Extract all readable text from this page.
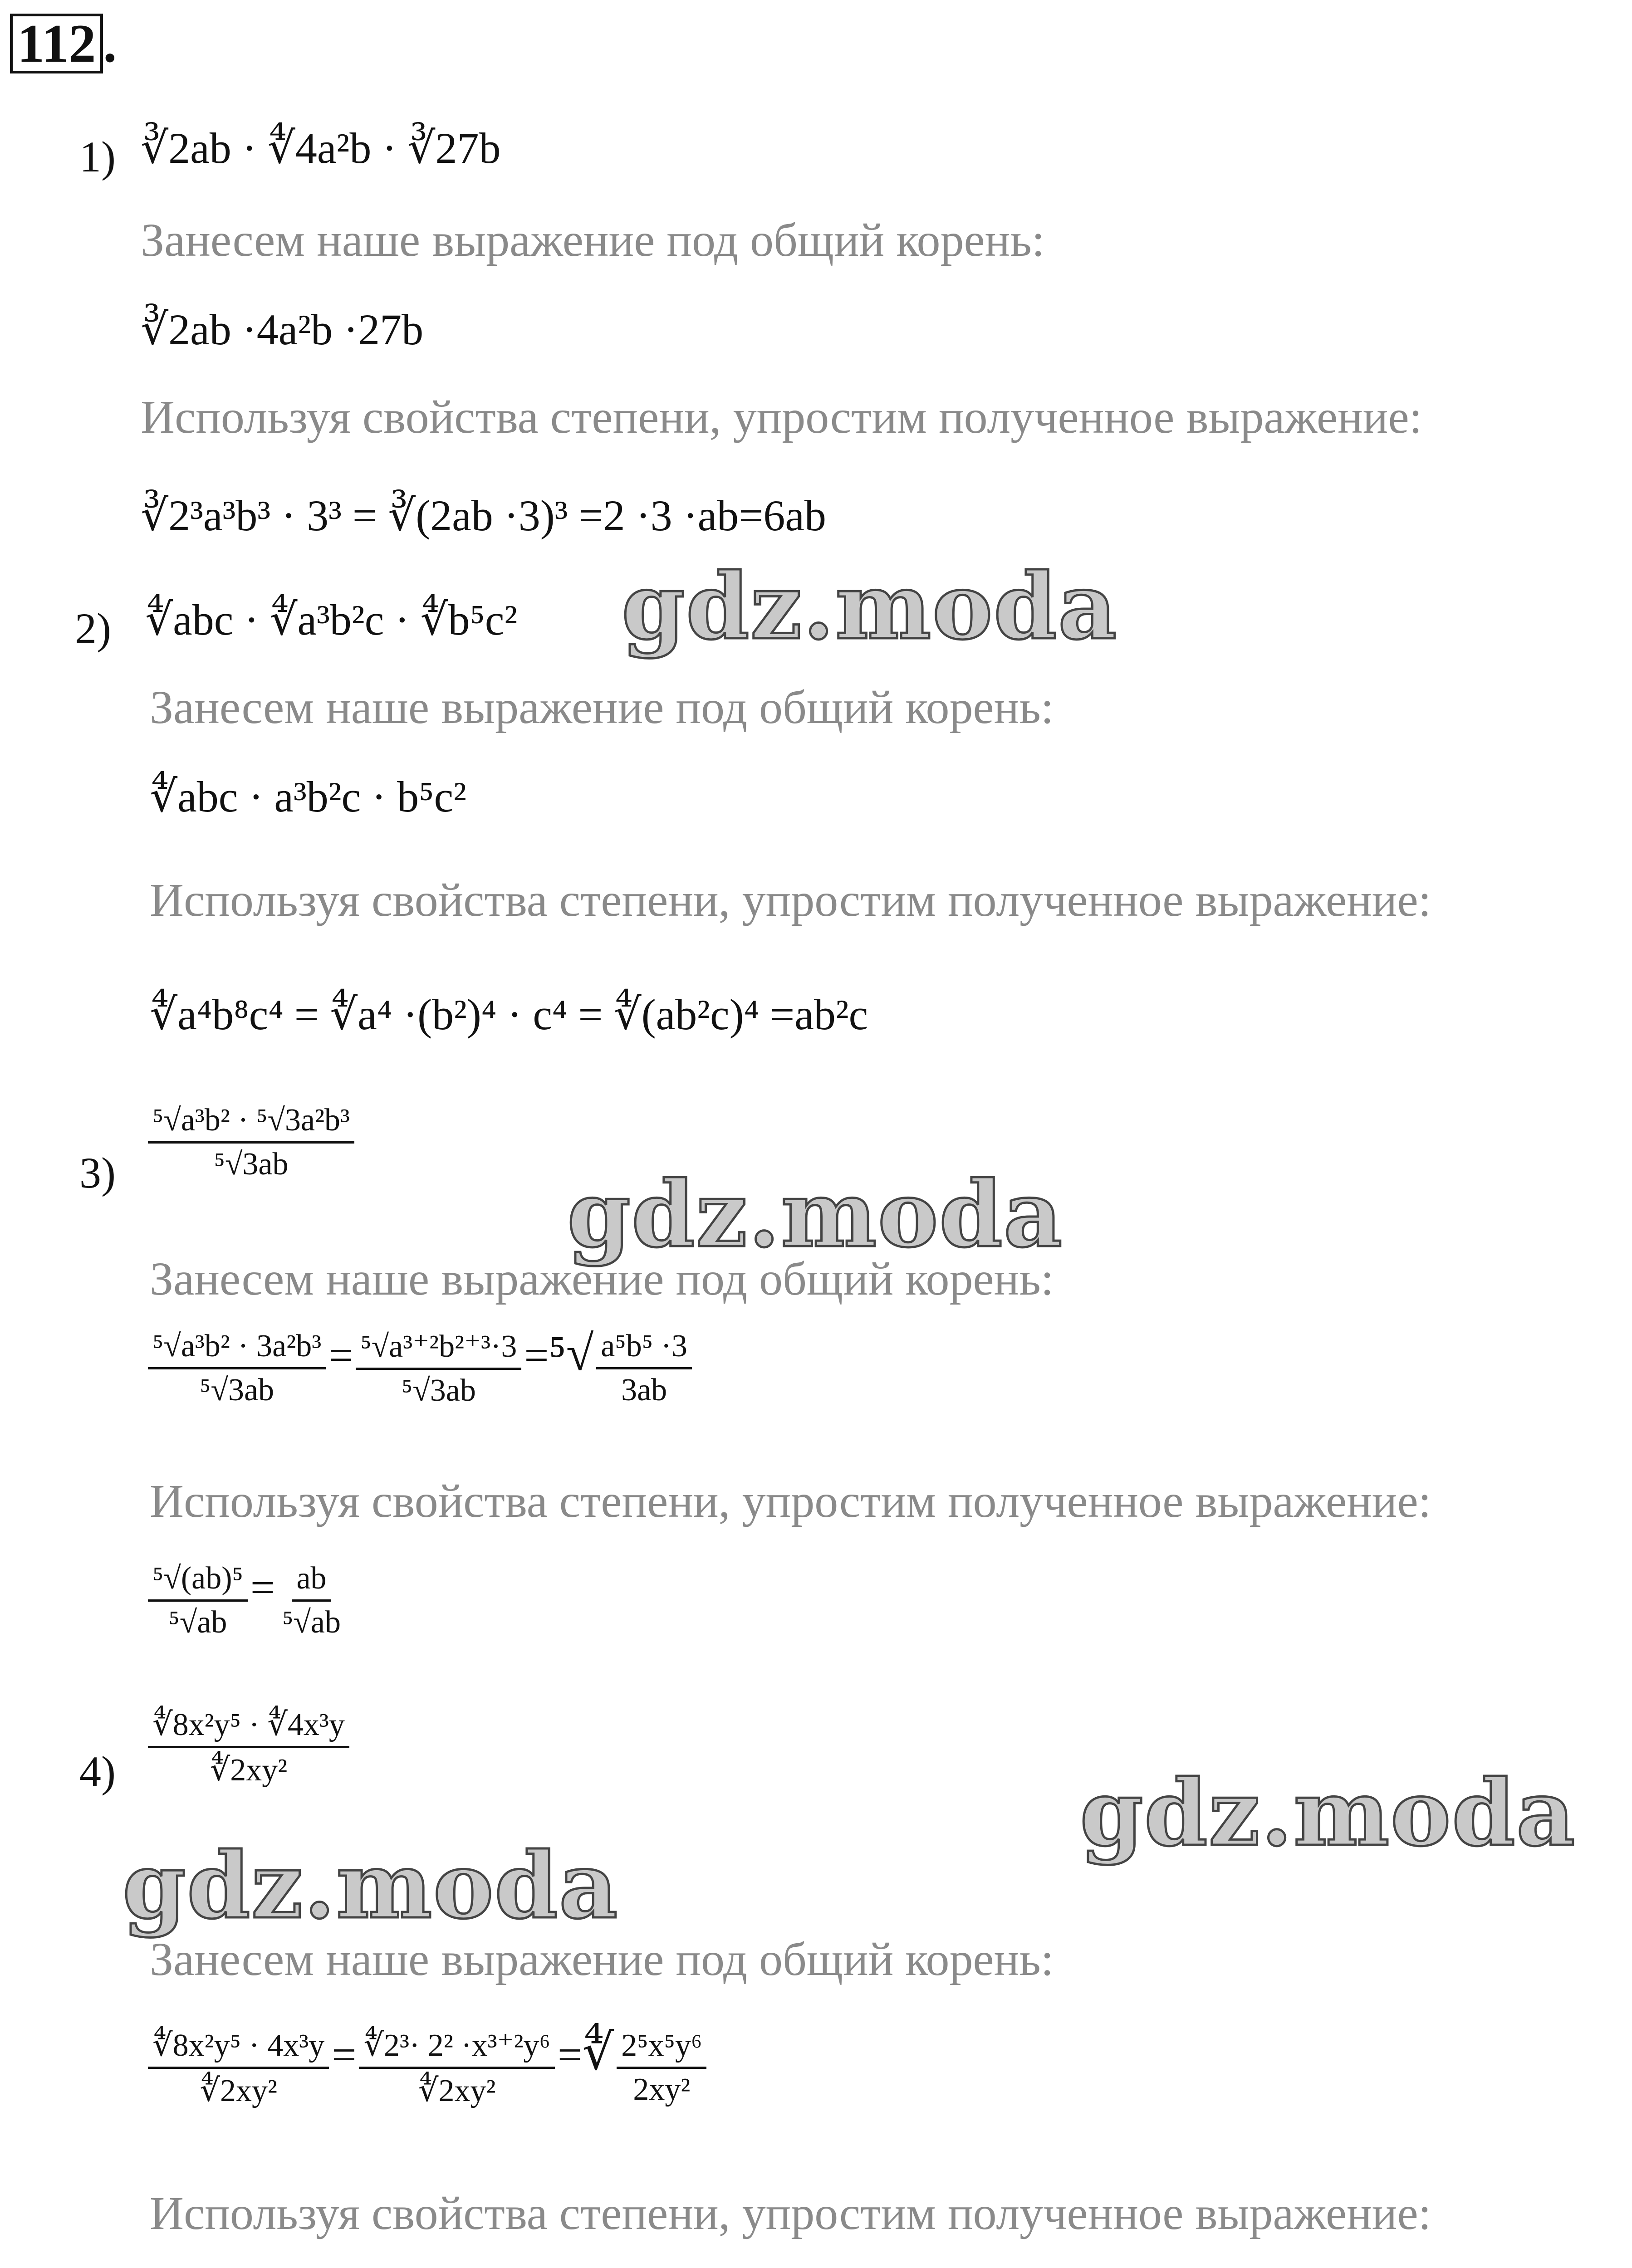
112 .
1) ∛2ab · ∜4a²b · ∛27b
Занесем наше выражение под общий корень:
∛2ab ·4a²b ·27b
Используя свойства степени, упростим полученное выражение:
∛2³a³b³ · 3³ = ∛(2ab ·3)³ =2 ·3 ·ab=6ab
2) ∜abc · ∜a³b²c · ∜b⁵c² gdz.moda
Занесем наше выражение под общий корень:
∜abc · a³b²c · b⁵c²
Используя свойства степени, упростим полученное выражение:
∜a⁴b⁸c⁴ = ∜a⁴ ·(b²)⁴ · c⁴ = ∜(ab²c)⁴ =ab²c
$3) \frac{\text{⁵√a³b² · ⁵√3a²b³}}{\text{⁵√3ab}}$
gdz.moda
Занесем наше выражение под общий корень:
$\frac{\text{⁵√a³b² · 3a²b³}}{\text{⁵√3ab}} = \frac{\text{⁵√a³⁺²b²⁺³·3}}{\text{⁵√3ab}} =^5√ \frac{\text{a⁵b⁵ ·3}}{3ab}$
Используя свойства степени, упростим полученное выражение:
$\frac{\text{⁵√(ab)⁵}}{\text{⁵√ab}} = \frac{ab}{\text{⁵√ab}}$
$4) \frac{\text{∜8x²y⁵ · ∜4x³y}}{\text{∜2xy²}}$
gdz.moda
gdz.moda
Занесем наше выражение под общий корень:
$\frac{\text{∜8x²y⁵ · 4x³y}}{\text{∜2xy²}} = \frac{\text{∜2³· 2² ·x³⁺²y⁶}}{\text{∜2xy²}}$ =∜ $\frac{\text{2⁵x⁵y⁶}}{\text{2xy²}}$
Используя свойства степени, упростим полученное выражение:
